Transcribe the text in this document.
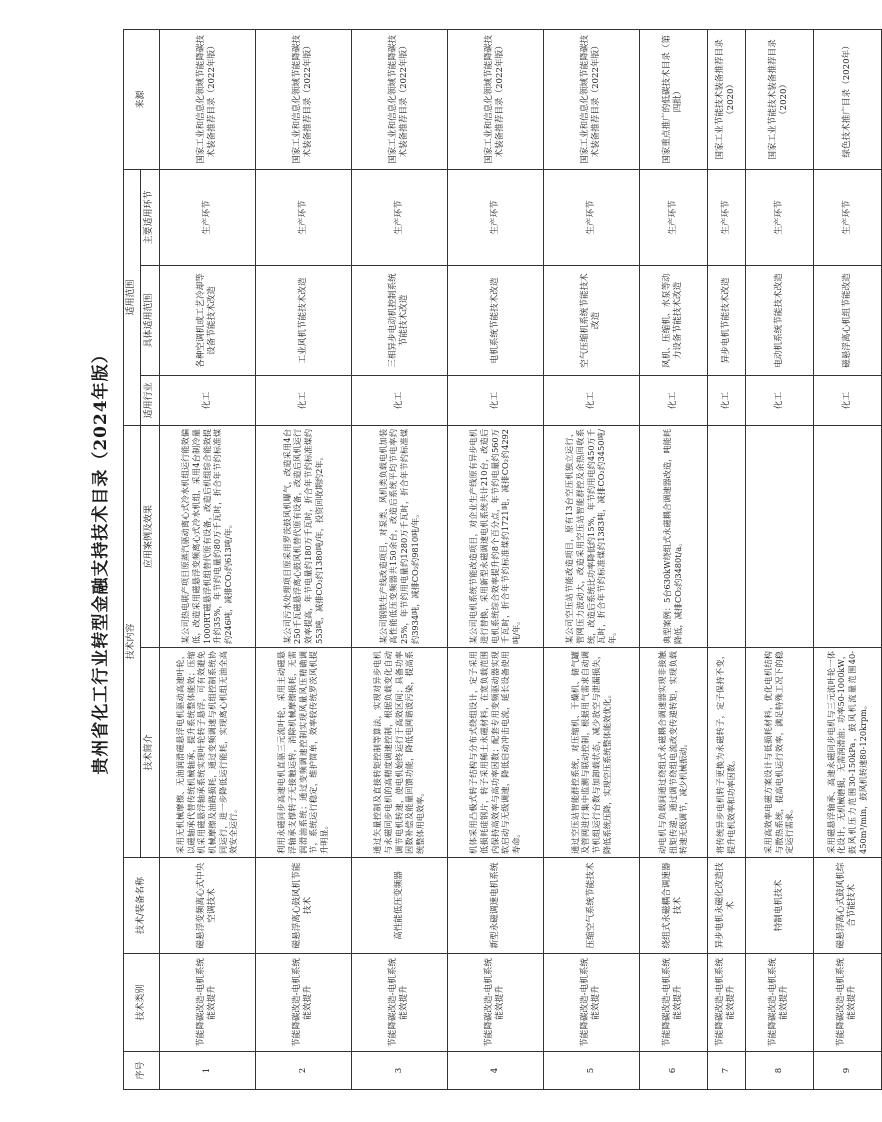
贵州省化工行业转型金融支持技术目录（2024年版）
序号	技术类别	技术/装备名称	技术内容		适用范围			来源
			技术简介	应用案例及效果	适用行业	具体适用范围	主要适用环节	
1	节能降碳改造-电机系统能效提升	磁悬浮变频离心式中央空调技术	采用无机械摩擦、无油润滑磁悬浮电机驱动高速叶轮，以磁轴承代替传统机械轴承，提升系统整体能效；压缩机采用磁悬浮轴承系统实现叶轮转子悬浮，可有效避免机械摩擦及油路损耗，通过变频调速与机组控制系统协同运行，进一步降低运行能耗，实现离心机组无油全高效安全运行。	某公司热电联产项目原蒸汽驱动离心式冷水机组运行能效偏低，改造采用磁悬浮变频离心式冷水机组，采用4台制冷量1000RT磁悬浮机组替代原有设备，改造后机组综合能效提升约35%，年节约电量约80万千瓦时，折合年节约标准煤约246吨，减排CO₂约613吨/年。	化工	各种空调机或工艺冷却等设备节能技术改造	生产环节	国家工业和信息化领域节能降碳技术装备推荐目录（2022年版）
2	节能降碳改造-电机系统能效提升	磁悬浮离心鼓风机节能技术	利用永磁同步高速电机直驱三元流叶轮，采用主动磁悬浮轴承支撑转子无接触运转，消除机械摩擦损耗，无需润滑油系统；通过变频调速控制实现风量风压精确调节，系统运行稳定，维护简单，效率较传统罗茨风机提升明显。	某公司污水处理项目原采用罗茨鼓风机曝气，改造采用4台250千瓦磁悬浮离心鼓风机替代原有设备，改造后风机运行效率提高，年节电量约180万千瓦时，折合年节约标准煤约553吨，减排CO₂约1380吨/年，投资回收期约2年。	化工	工业风机节能技术改造	生产环节	国家工业和信息化领域节能降碳技术装备推荐目录（2022年版）
3	节能降碳改造-电机系统能效提升	高性能低压变频器	通过矢量控制及直接转矩控制等算法，实现对异步电机与永磁同步电机的高精度调速控制，根据负载变化自动调节电机转速，使电机始终运行于高效区间；具备功率因数补偿及能量回馈功能，降低电网谐波污染，提高系统整体用电效率。	某公司钢铁生产线改造项目，对泵类、风机类负载电机加装高性能低压变频器共150余台，改造后系统平均节电率约25%，年节约用电量约1280万千瓦时，折合年节约标准煤约3934吨，减排CO₂约9810吨/年。	化工	三相异步电动机控制系统节能技术改造	生产环节	国家工业和信息化领域节能降碳技术装备推荐目录（2022年版）
4	节能降碳改造-电机系统能效提升	新型永磁调速电机系统	机体采用凸极式转子结构与分布式绕组设计，定子采用低损耗硅钢片，转子采用稀土永磁材料，在宽负载范围内保持高效率与高功率因数；配套专用变频驱动器实现软启动与无级调速，降低启动冲击电流，延长设备使用寿命。	某公司电机系统节能改造项目，对企业生产线原有异步电机进行替换，采用新型永磁调速电机系统共计210台，改造后电机系统综合效率提升约8个百分点，年节约电量约560万千瓦时，折合年节约标准煤约1721吨，减排CO₂约4292吨/年。	化工	电机系统节能技术改造	生产环节	国家工业和信息化领域节能降碳技术装备推荐目录（2022年版）
5	节能降碳改造-电机系统能效提升	压缩空气系统节能技术	通过空压站智能群控系统，对压缩机、干燥机、储气罐及管网进行集中监测与联动控制，根据用气需求自动调节机组运行台数与加卸载状态，减少放空与泄漏损失，降低系统压降，实现空压系统整体能效优化。	某公司空压站节能改造项目，原有13台空压机独立运行、管网压力波动大，改造采用空压站智能群控及余热回收系统，改造后系统比功率降低约15%，年节约用电约450万千瓦时，折合年节约标准煤约1383吨，减排CO₂约3450吨/年。	化工	空气压缩机系统节能技术改造	生产环节	国家工业和信息化领域节能降碳技术装备推荐目录（2022年版）
6	节能降碳改造-电机系统能效提升	绕组式永磁耦合调速器技术	动电机与负载间通过绕组式永磁耦合调速器实现非接触扭矩传递，通过调节绕组电流改变传递转矩，实现负载转速无级调节，减少机械振动。	典型案例：5台630kW绕组式永磁耦合调速器改造，吨能耗降低，减排CO₂约3480t/a。	化工	风机、压缩机、水泵等动力设备节能技术改造	生产环节	国家重点推广的低碳技术目录（第四批）
7	节能降碳改造-电机系统能效提升	异步电机永磁化改造技术	将传统异步电机转子更换为永磁转子，定子保持不变，提升电机效率和功率因数。		化工	异步电机节能技术改造	生产环节	国家工业节能技术装备推荐目录（2020）
8	节能降碳改造-电机系统能效提升	特制电机技术	采用高效率电磁方案设计与低损耗材料，优化电机结构与散热系统，提高电机运行效率，满足特殊工况下的稳定运行需求。		化工	电动机系统节能技术改造	生产环节	国家工业节能技术装备推荐目录（2020）
9	节能降碳改造-电机系统能效提升	磁悬浮离心式鼓风机综合节能技术	采用磁悬浮轴承、高速永磁同步电机与三元流叶轮一体化设计，无机械磨损，无需润滑油；功率50-1000kW，鼓风机压力范围30-150kPa，鼓风机流量范围40-450m³/min，鼓风机转速80-120krpm。		化工	磁悬浮离心机组节能改造	生产环节	绿色技术推广目录（2020年）
